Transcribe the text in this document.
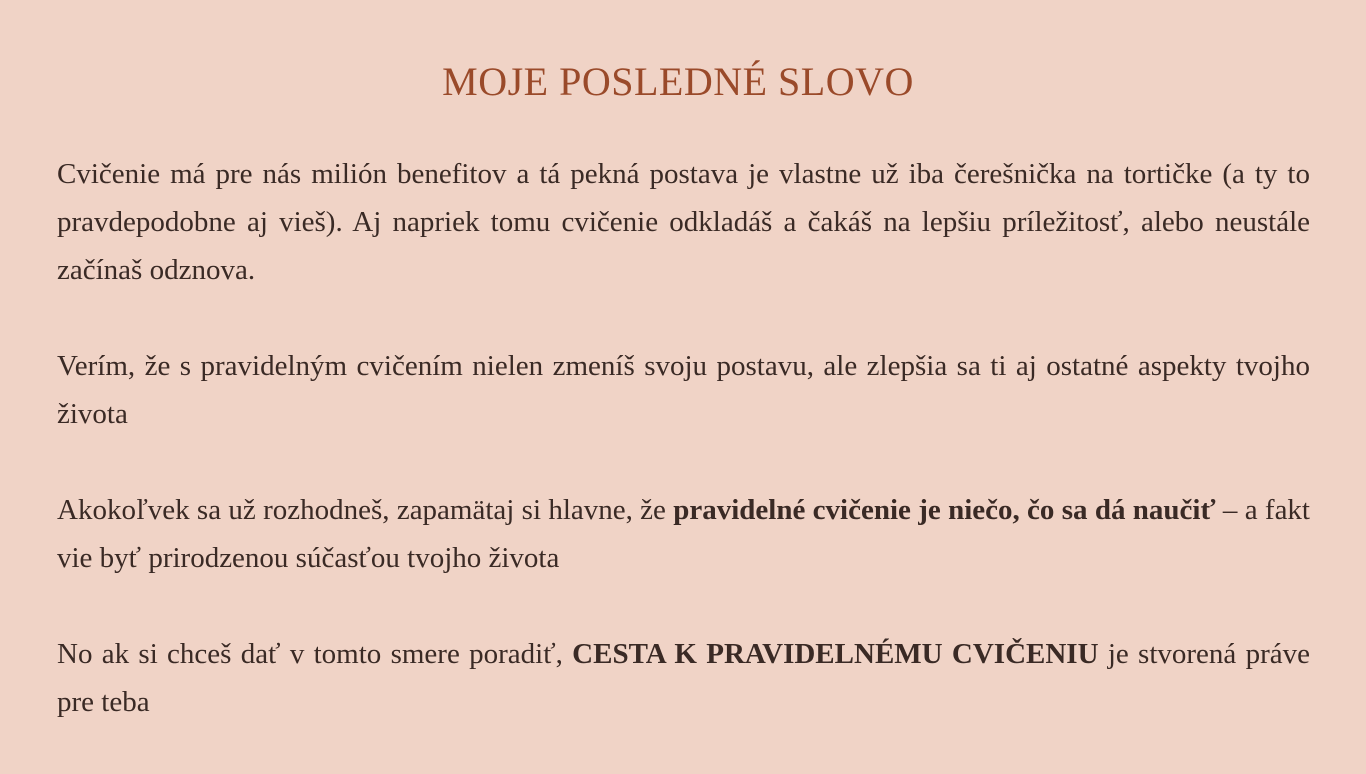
MOJE POSLEDNÉ SLOVO

Cvičenie má pre nás milión benefitov a tá pekná postava je vlastne už iba čerešnička na tortičke (a ty to pravdepodobne aj vieš). Aj napriek tomu cvičenie odkladáš a čakáš na lepšiu príležitosť, alebo neustále začínaš odznova.

Verím, že s pravidelným cvičením nielen zmeníš svoju postavu, ale zlepšia sa ti aj ostatné aspekty tvojho života

Akokoľvek sa už rozhodneš, zapamätaj si hlavne, že pravidelné cvičenie je niečo, čo sa dá naučiť – a fakt vie byť prirodzenou súčasťou tvojho života

No ak si chceš dať v tomto smere poradiť, CESTA K PRAVIDELNÉMU CVIČENIU je stvorená práve pre teba
